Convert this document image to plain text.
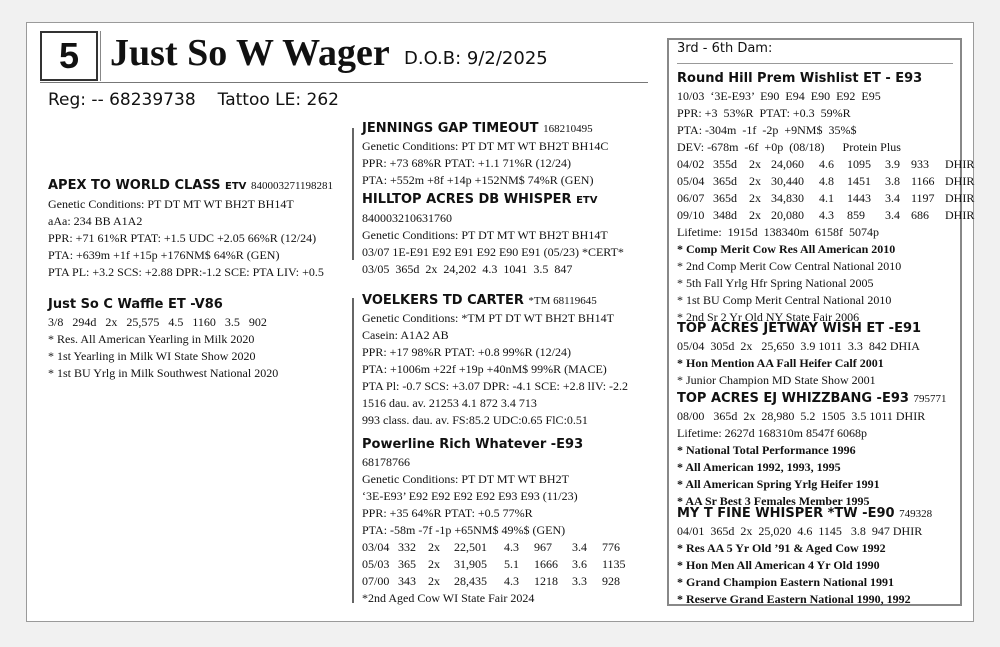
5 Just So W Wager D.O.B: 9/2/2025
Reg: -- 68239738 Tattoo LE: 262
APEX TO WORLD CLASS ETV 840003271198281
Genetic Conditions: PT DT MT WT BH2T BH14T
aAa: 234 BB A1A2
PPR: +71 61%R PTAT: +1.5 UDC +2.05 66%R (12/24)
PTA: +639m +1f +15p +176NM$ 64%R (GEN)
PTA PL: +3.2 SCS: +2.88 DPR:-1.2 SCE: PTA LIV: +0.5
Just So C Waffle ET -V86
3/8   294d   2x   25,575   4.5   1160   3.5   902
* Res. All American Yearling in Milk 2020
* 1st Yearling in Milk WI State Show 2020
* 1st BU Yrlg in Milk Southwest National 2020
JENNINGS GAP TIMEOUT 168210495
Genetic Conditions: PT DT MT WT BH2T BH14C
PPR: +73 68%R PTAT: +1.1 71%R (12/24)
PTA: +552m +8f +14p +152NM$ 74%R (GEN)
HILLTOP ACRES DB WHISPER ETV
840003210631760
Genetic Conditions: PT DT MT WT BH2T BH14T
03/07 1E-E91 E92 E91 E92 E90 E91 (05/23) *CERT*
03/05  365d  2x  24,202  4.3  1041  3.5  847
VOELKERS TD CARTER *TM 68119645
Genetic Conditions: *TM PT DT WT BH2T BH14T
Casein: A1A2 AB
PPR: +17 98%R PTAT: +0.8 99%R (12/24)
PTA: +1006m +22f +19p +40nM$ 99%R (MACE)
PTA Pl: -0.7 SCS: +3.07 DPR: -4.1 SCE: +2.8 lIV: -2.2
1516 dau. av. 21253 4.1 872 3.4 713
993 class. dau. av. FS:85.2 UDC:0.65 FlC:0.51
Powerline Rich Whatever -E93
68178766
Genetic Conditions: PT DT MT WT BH2T
‘3E-E93’ E92 E92 E92 E92 E93 E93 (11/23)
PPR: +35 64%R PTAT: +0.5 77%R
PTA: -58m -7f -1p +65NM$ 49%$ (GEN)
03/04 332	2x	22,501	4.3	967	3.4	776
05/03 365	2x	31,905	5.1	1666	3.6	1135
07/00 343	2x	28,435	4.3	1218	3.3	928
*2nd Aged Cow WI State Fair 2024
3rd - 6th Dam:
Round Hill Prem Wishlist ET - E93
10/03  ‘3E-E93’  E90  E94  E90  E92  E95
PPR: +3  53%R  PTAT: +0.3  59%R
PTA: -304m  -1f  -2p  +9NM$  35%$
DEV: -678m  -6f  +0p  (08/18)      Protein Plus
04/02 355d	2x 24,060	4.6	1095	3.9 933	DHIR
05/04 365d	2x 30,440	4.8	1451	3.8 1166 DHIR
06/07 365d	2x 34,830	4.1	1443	3.4 1197 DHIR
09/10 348d	2x 20,080	4.3	859	3.4 686	DHIR
Lifetime:  1915d  138340m  6158f  5074p
* Comp Merit Cow Res All American 2010
* 2nd Comp Merit Cow Central National 2010
* 5th Fall Yrlg Hfr Spring National 2005
* 1st BU Comp Merit Central National 2010
* 2nd Sr 2 Yr Old NY State Fair 2006
TOP ACRES JETWAY WISH ET -E91
05/04  305d  2x   25,650  3.9 1011  3.3  842 DHIA
* Hon Mention AA Fall Heifer Calf 2001
* Junior Champion MD State Show 2001
TOP ACRES EJ WHIZZBANG -E93 795771
08/00   365d  2x  28,980  5.2  1505  3.5 1011 DHIR
Lifetime: 2627d 168310m 8547f 6068p
* National Total Performance 1996
* All American 1992, 1993, 1995
* All American Spring Yrlg Heifer 1991
* AA Sr Best 3 Females Member 1995
MY T FINE WHISPER *TW -E90 749328
04/01  365d  2x  25,020  4.6  1145   3.8  947 DHIR
* Res AA 5 Yr Old ’91 & Aged Cow 1992
* Hon Men All American 4 Yr Old 1990
* Grand Champion Eastern National 1991
* Reserve Grand Eastern National 1990, 1992
